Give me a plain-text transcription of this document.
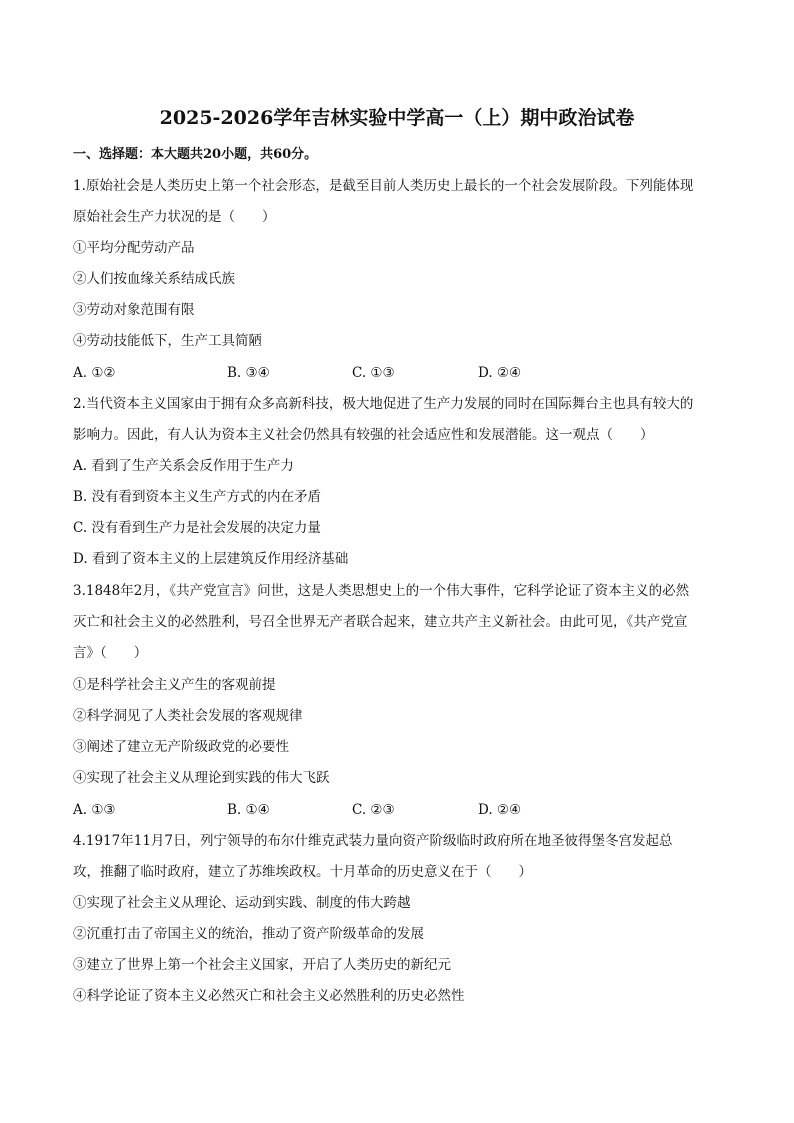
2025-2026学年吉林实验中学高一（上）期中政治试卷
一、选择题：本大题共20小题，共60分。
1.原始社会是人类历史上第一个社会形态，是截至目前人类历史上最长的一个社会发展阶段。下列能体现
原始社会生产力状况的是（　　）
①平均分配劳动产品
②人们按血缘关系结成氏族
③劳动对象范围有限
④劳动技能低下，生产工具简陋
A. ①②	B. ③④	C. ①③	D. ②④
2.当代资本主义国家由于拥有众多高新科技，极大地促进了生产力发展的同时在国际舞台主也具有较大的
影响力。因此，有人认为资本主义社会仍然具有较强的社会适应性和发展潜能。这一观点（　　）
A. 看到了生产关系会反作用于生产力
B. 没有看到资本主义生产方式的内在矛盾
C. 没有看到生产力是社会发展的决定力量
D. 看到了资本主义的上层建筑反作用经济基础
3.1848年2月，《共产党宣言》问世，这是人类思想史上的一个伟大事件，它科学论证了资本主义的必然
灭亡和社会主义的必然胜利，号召全世界无产者联合起来，建立共产主义新社会。由此可见，《共产党宣
言》（　　）
①是科学社会主义产生的客观前提
②科学洞见了人类社会发展的客观规律
③阐述了建立无产阶级政党的必要性
④实现了社会主义从理论到实践的伟大飞跃
A. ①③	B. ①④	C. ②③	D. ②④
4.1917年11月7日，列宁领导的布尔什维克武装力量向资产阶级临时政府所在地圣彼得堡冬宫发起总
攻，推翻了临时政府，建立了苏维埃政权。十月革命的历史意义在于（　　）
①实现了社会主义从理论、运动到实践、制度的伟大跨越
②沉重打击了帝国主义的统治，推动了资产阶级革命的发展
③建立了世界上第一个社会主义国家，开启了人类历史的新纪元
④科学论证了资本主义必然灭亡和社会主义必然胜利的历史必然性
